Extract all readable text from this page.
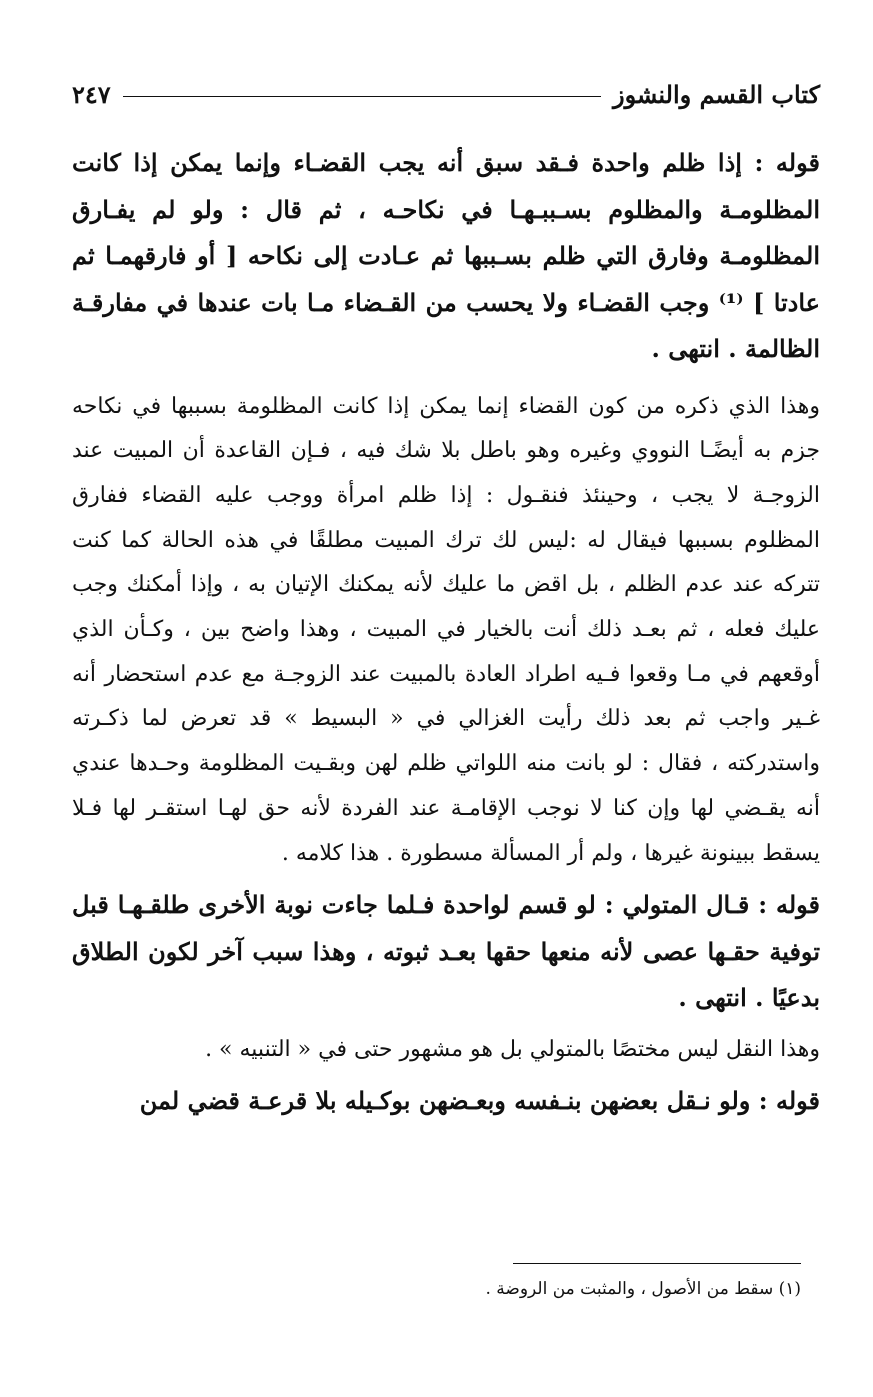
كتاب القسم والنشوز
٢٤٧

قوله : إذا ظلم واحدة فـقد سبق أنه يجب القضـاء وإنما يمكن إذا كانت المظلومـة والمظلوم بسـببـهـا في نكاحـه ، ثم قال : ولو لم يفـارق المظلومـة وفارق التي ظلم بسـببها ثم عـادت إلى نكاحه [ أو فارقهمـا ثم عادتا ] ⁽¹⁾ وجب القضـاء ولا يحسب من القـضاء مـا بات عندها في مفارقـة الظالمة . انتهى .

وهذا الذي ذكره من كون القضاء إنما يمكن إذا كانت المظلومة بسببها في نكاحه جزم به أيضًـا النووي وغيره وهو باطل بلا شك فيه ، فـإن القاعدة أن المبيت عند الزوجـة لا يجب ، وحينئذ فنقـول : إذا ظلم امرأة ووجب عليه القضاء ففارق المظلوم بسببها فيقال له :ليس لك ترك المبيت مطلقًا في هذه الحالة كما كنت تتركه عند عدم الظلم ، بل اقض ما عليك لأنه يمكنك الإتيان به ، وإذا أمكنك وجب عليك فعله ، ثم بعـد ذلك أنت بالخيار في المبيت ، وهذا واضح بين ، وكـأن الذي أوقعهم في مـا وقعوا فـيه اطراد العادة بالمبيت عند الزوجـة مع عدم استحضار أنه غـير واجب ثم بعد ذلك رأيت الغزالي في « البسيط » قد تعرض لما ذكـرته واستدركته ، فقال : لو بانت منه اللواتي ظلم لهن وبقـيت المظلومة وحـدها عندي أنه يقـضي لها وإن كنا لا نوجب الإقامـة عند الفردة لأنه حق لهـا استقـر لها فـلا يسقط ببينونة غيرها ، ولم أر المسألة مسطورة . هذا كلامه .

قوله : قـال المتولي : لو قسم لواحدة فـلما جاءت نوبة الأخرى طلقـهـا قبل توفية حقـها عصى لأنه منعها حقها بعـد ثبوته ، وهذا سبب آخر لكون الطلاق بدعيًا . انتهى .

وهذا النقل ليس مختصًا بالمتولي بل هو مشهور حتى في « التنبيه » .

قوله : ولو نـقل بعضهن بنـفسه وبعـضهن بوكـيله بلا قرعـة قضي لمن

(١) سقط من الأصول ، والمثبت من الروضة .
